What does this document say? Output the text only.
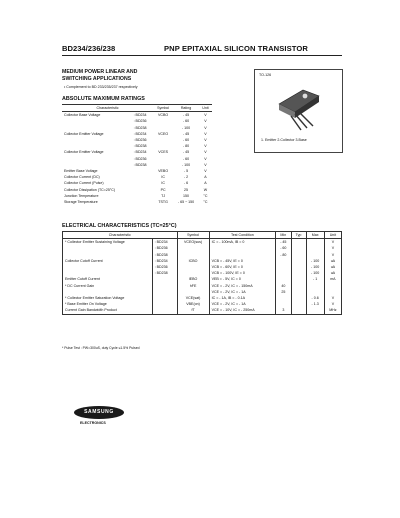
BD234/236/238	PNP EPITAXIAL SILICON TRANSISTOR
MEDIUM POWER LINEAR AND
SWITCHING APPLICATIONS
• Complement to BD 233/235/237 respectively
TO-126
1. Emitter 2.Collector 3.Base
ABSOLUTE MAXIMUM RATINGS
Characteristic		Symbol	Rating	Unit
Collector Base Voltage	: BD234	VCBO	- 45	V
	: BD236		- 60	V
	: BD238		- 100	V
Collector Emitter Voltage	: BD234	VCEO	- 45	V
	: BD236		- 60	V
	: BD238		- 80	V
Collector Emitter Voltage	: BD234	VCES	- 45	V
	: BD236		- 60	V
	: BD238		- 100	V
Emitter Base Voltage		VEBO	- 5	V
Collector Current (DC)		IC	- 2	A
Collector Current (Pulse)		IC	- 6	A
Collector Dissipation (TC=25°C)		PC	25	W
Junction Temperature		TJ	150	°C
Storage Temperature		TSTG	- 65 ~ 150	°C
ELECTRICAL CHARACTERISTICS (TC=25°C)
Characteristic		Symbol	Test Condition	Min	Typ	Max	Unit
* Collector Emitter Sustaining Voltage	: BD234	VCEO(sus)	IC = - 100mA, IB = 0	- 45			V
	: BD236			- 60			V
	: BD238			- 80			V
Collector Cutoff Current	: BD234	ICBO	VCB = - 45V, IE = 0			- 100	uA
	: BD236		VCB = - 60V, IE = 0			- 100	uA
	: BD238		VCB = - 100V, IE = 0			- 100	uA
Emitter Cutoff Current		IEBO	VEB = - 5V, IC = 0			- 1	mA
* DC Current Gain		hFE	VCE = - 2V, IC = - 150mA	40			
			VCE = - 2V, IC = - 1A	25			
* Collector Emitter Saturation Voltage		VCE(sat)	IC = - 1A, IB = - 0.1A			- 0.6	V
* Base Emitter On Voltage		VBE(on)	VCE = - 2V, IC = - 1A			- 1.3	V
Current Gain Bandwidth Product		fT	VCE = - 10V, IC = - 250mA	3			MHz
* Pulse Test : PW=300uS, duty Cycle ≤1.5% Pulsed
SAMSUNG
ELECTRONICS
